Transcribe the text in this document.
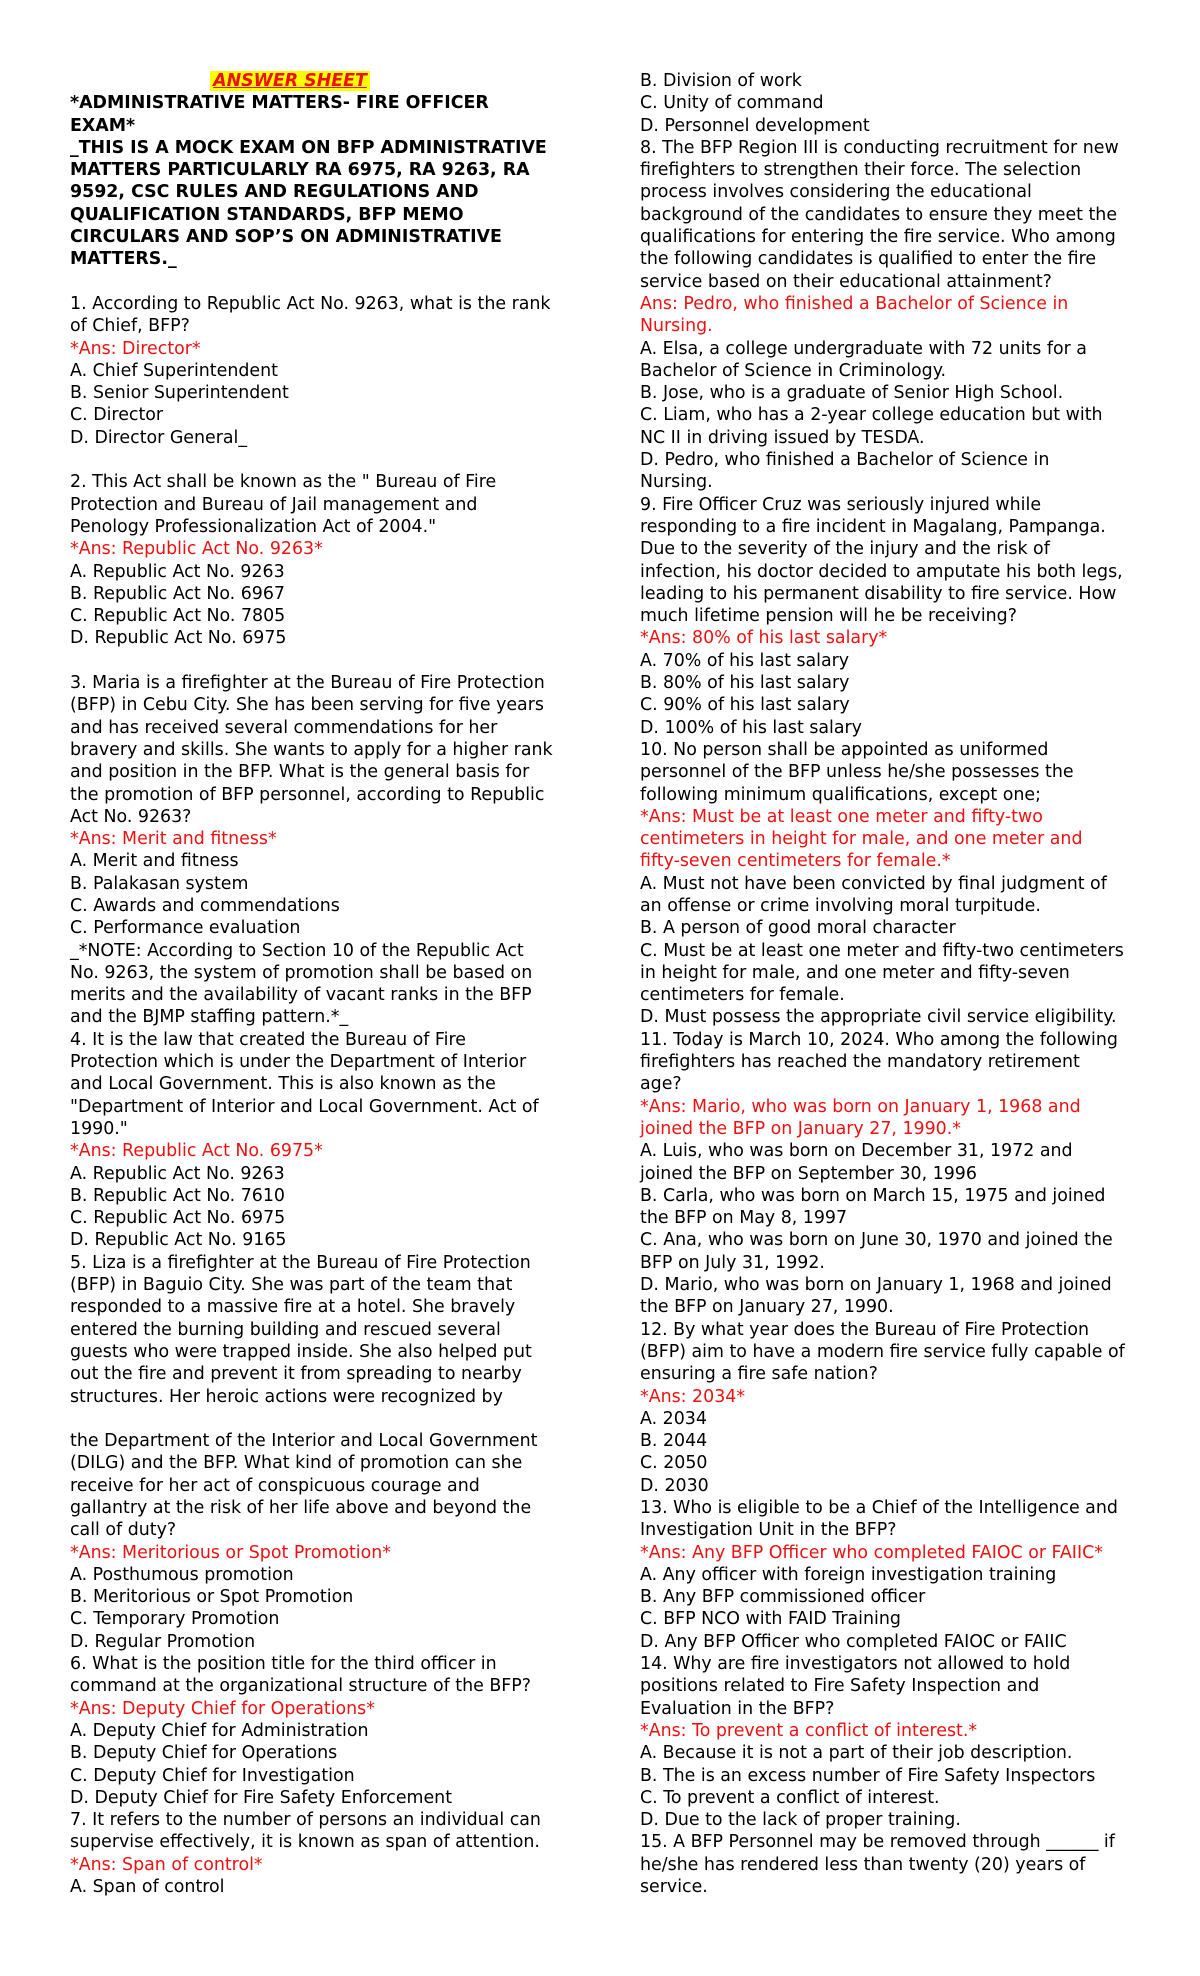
ANSWER SHEET
*ADMINISTRATIVE MATTERS- FIRE OFFICER
EXAM*
_THIS IS A MOCK EXAM ON BFP ADMINISTRATIVE
MATTERS PARTICULARLY RA 6975, RA 9263, RA
9592, CSC RULES AND REGULATIONS AND
QUALIFICATION STANDARDS, BFP MEMO
CIRCULARS AND SOP’S ON ADMINISTRATIVE
MATTERS._
1. According to Republic Act No. 9263, what is the rank
of Chief, BFP?
*Ans: Director*
A. Chief Superintendent
B. Senior Superintendent
C. Director
D. Director General_
2. This Act shall be known as the " Bureau of Fire
Protection and Bureau of Jail management and
Penology Professionalization Act of 2004."
*Ans: Republic Act No. 9263*
A. Republic Act No. 9263
B. Republic Act No. 6967
C. Republic Act No. 7805
D. Republic Act No. 6975
3. Maria is a firefighter at the Bureau of Fire Protection
(BFP) in Cebu City. She has been serving for five years
and has received several commendations for her
bravery and skills. She wants to apply for a higher rank
and position in the BFP. What is the general basis for
the promotion of BFP personnel, according to Republic
Act No. 9263?
*Ans: Merit and fitness*
A. Merit and fitness
B. Palakasan system
C. Awards and commendations
C. Performance evaluation
_*NOTE: According to Section 10 of the Republic Act
No. 9263, the system of promotion shall be based on
merits and the availability of vacant ranks in the BFP
and the BJMP staffing pattern.*_
4. It is the law that created the Bureau of Fire
Protection which is under the Department of Interior
and Local Government. This is also known as the
"Department of Interior and Local Government. Act of
1990."
*Ans: Republic Act No. 6975*
A. Republic Act No. 9263
B. Republic Act No. 7610
C. Republic Act No. 6975
D. Republic Act No. 9165
5. Liza is a firefighter at the Bureau of Fire Protection
(BFP) in Baguio City. She was part of the team that
responded to a massive fire at a hotel. She bravely
entered the burning building and rescued several
guests who were trapped inside. She also helped put
out the fire and prevent it from spreading to nearby
structures. Her heroic actions were recognized by
the Department of the Interior and Local Government
(DILG) and the BFP. What kind of promotion can she
receive for her act of conspicuous courage and
gallantry at the risk of her life above and beyond the
call of duty?
*Ans: Meritorious or Spot Promotion*
A. Posthumous promotion
B. Meritorious or Spot Promotion
C. Temporary Promotion
D. Regular Promotion
6. What is the position title for the third officer in
command at the organizational structure of the BFP?
*Ans: Deputy Chief for Operations*
A. Deputy Chief for Administration
B. Deputy Chief for Operations
C. Deputy Chief for Investigation
D. Deputy Chief for Fire Safety Enforcement
7. It refers to the number of persons an individual can
supervise effectively, it is known as span of attention.
*Ans: Span of control*
A. Span of control
B. Division of work
C. Unity of command
D. Personnel development
8. The BFP Region III is conducting recruitment for new
firefighters to strengthen their force. The selection
process involves considering the educational
background of the candidates to ensure they meet the
qualifications for entering the fire service. Who among
the following candidates is qualified to enter the fire
service based on their educational attainment?
Ans: Pedro, who finished a Bachelor of Science in
Nursing.
A. Elsa, a college undergraduate with 72 units for a
Bachelor of Science in Criminology.
B. Jose, who is a graduate of Senior High School.
C. Liam, who has a 2-year college education but with
NC II in driving issued by TESDA.
D. Pedro, who finished a Bachelor of Science in
Nursing.
9. Fire Officer Cruz was seriously injured while
responding to a fire incident in Magalang, Pampanga.
Due to the severity of the injury and the risk of
infection, his doctor decided to amputate his both legs,
leading to his permanent disability to fire service. How
much lifetime pension will he be receiving?
*Ans: 80% of his last salary*
A. 70% of his last salary
B. 80% of his last salary
C. 90% of his last salary
D. 100% of his last salary
10. No person shall be appointed as uniformed
personnel of the BFP unless he/she possesses the
following minimum qualifications, except one;
*Ans: Must be at least one meter and fifty-two
centimeters in height for male, and one meter and
fifty-seven centimeters for female.*
A. Must not have been convicted by final judgment of
an offense or crime involving moral turpitude.
B. A person of good moral character
C. Must be at least one meter and fifty-two centimeters
in height for male, and one meter and fifty-seven
centimeters for female.
D. Must possess the appropriate civil service eligibility.
11. Today is March 10, 2024. Who among the following
firefighters has reached the mandatory retirement
age?
*Ans: Mario, who was born on January 1, 1968 and
joined the BFP on January 27, 1990.*
A. Luis, who was born on December 31, 1972 and
joined the BFP on September 30, 1996
B. Carla, who was born on March 15, 1975 and joined
the BFP on May 8, 1997
C. Ana, who was born on June 30, 1970 and joined the
BFP on July 31, 1992.
D. Mario, who was born on January 1, 1968 and joined
the BFP on January 27, 1990.
12. By what year does the Bureau of Fire Protection
(BFP) aim to have a modern fire service fully capable of
ensuring a fire safe nation?
*Ans: 2034*
A. 2034
B. 2044
C. 2050
D. 2030
13. Who is eligible to be a Chief of the Intelligence and
Investigation Unit in the BFP?
*Ans: Any BFP Officer who completed FAIOC or FAIIC*
A. Any officer with foreign investigation training
B. Any BFP commissioned officer
C. BFP NCO with FAID Training
D. Any BFP Officer who completed FAIOC or FAIIC
14. Why are fire investigators not allowed to hold
positions related to Fire Safety Inspection and
Evaluation in the BFP?
*Ans: To prevent a conflict of interest.*
A. Because it is not a part of their job description.
B. The is an excess number of Fire Safety Inspectors
C. To prevent a conflict of interest.
D. Due to the lack of proper training.
15. A BFP Personnel may be removed through ______ if
he/she has rendered less than twenty (20) years of
service.
